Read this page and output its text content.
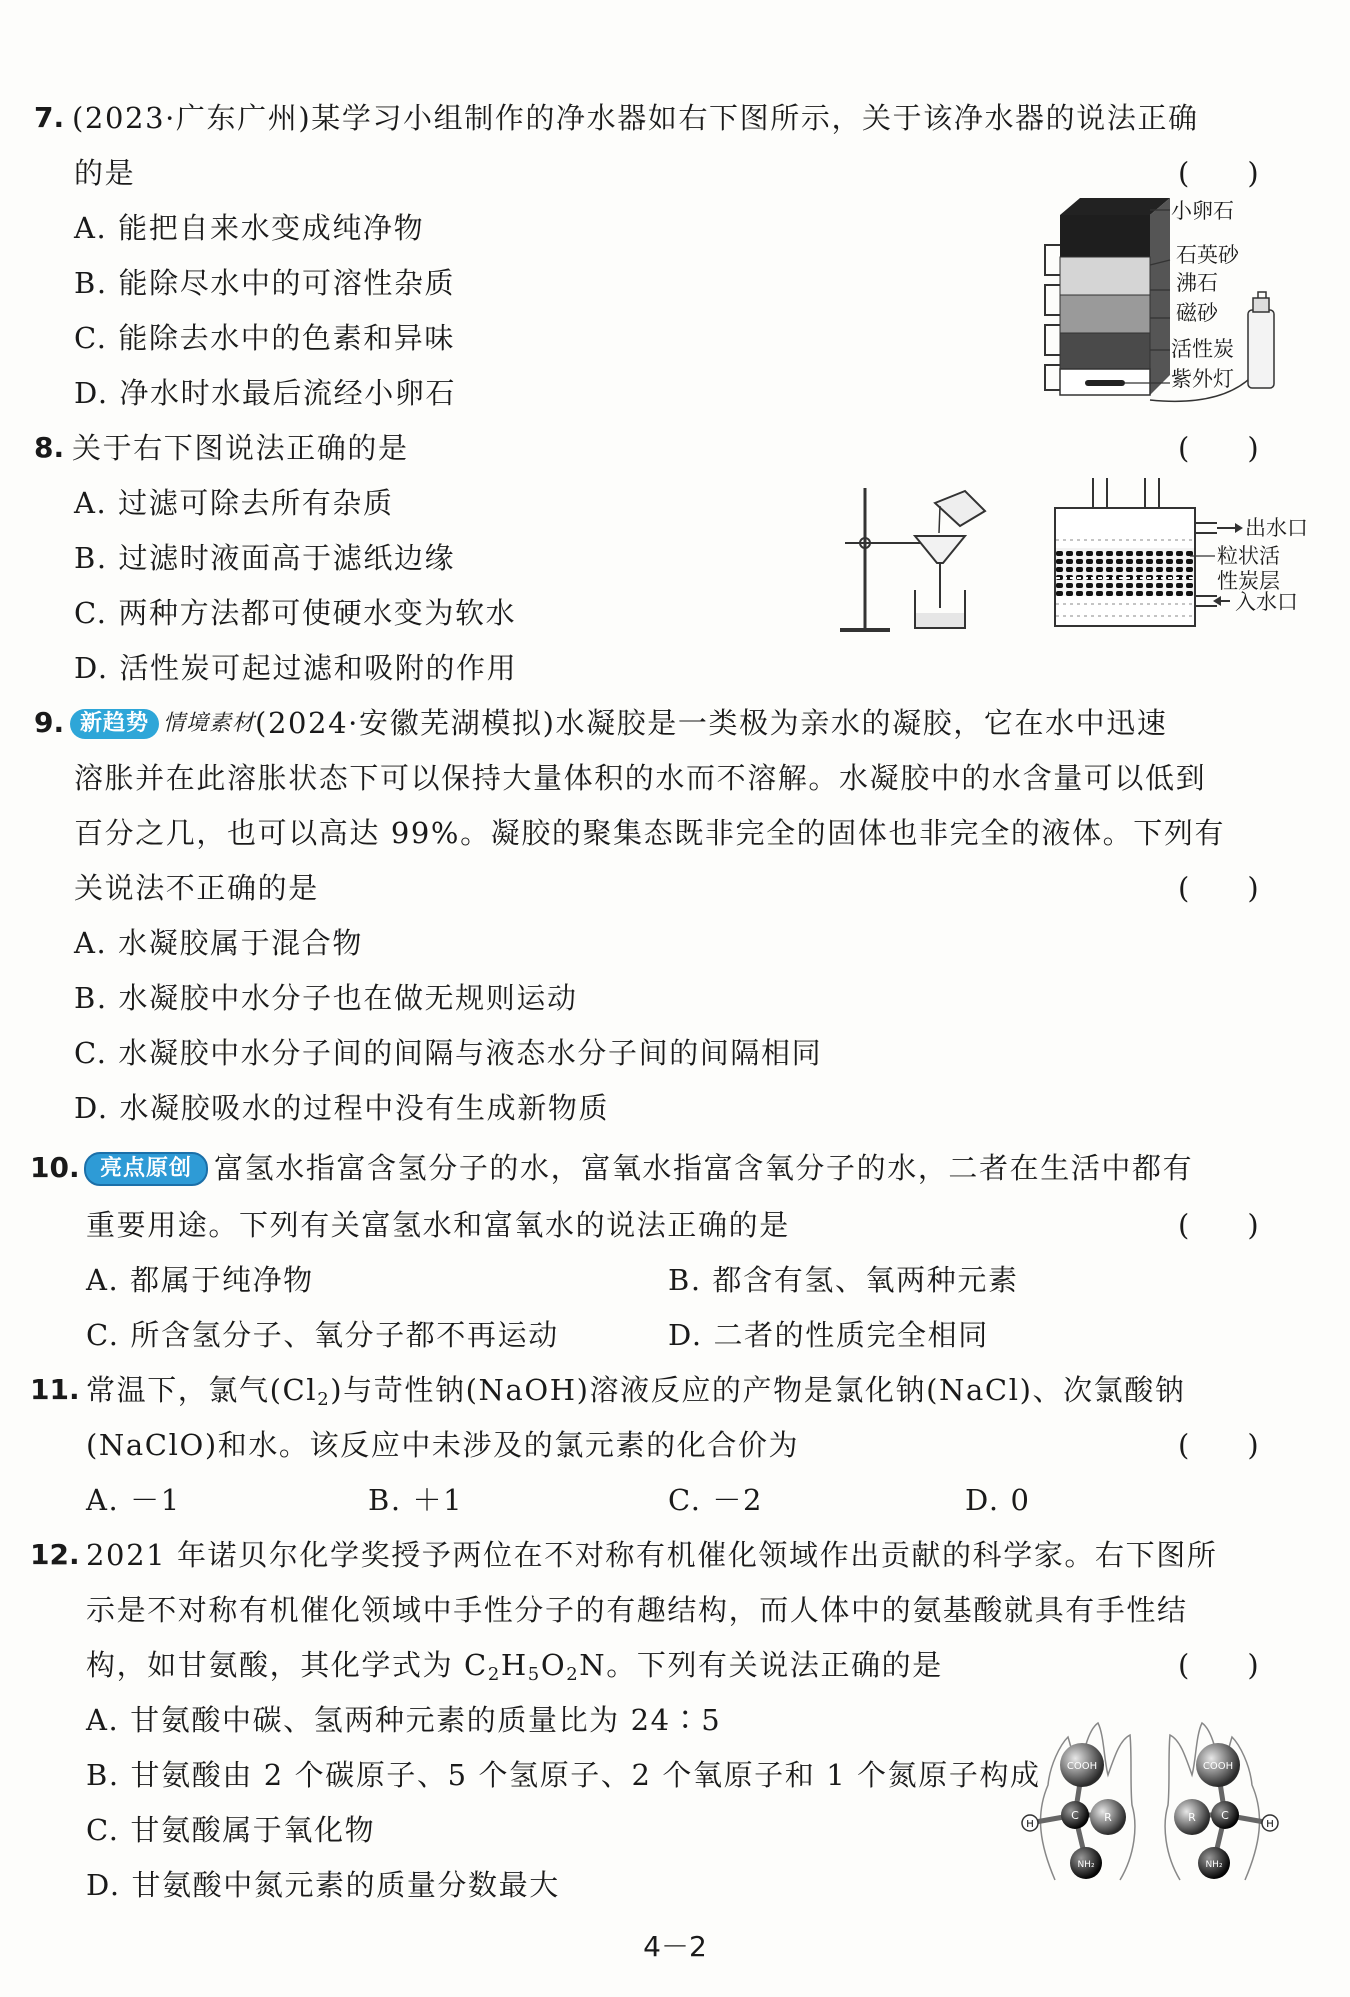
7. (2023·广东广州)某学习小组制作的净水器如右下图所示，关于该净水器的说法正确
的是	(　　)
A. 能把自来水变成纯净物
B. 能除尽水中的可溶性杂质
C. 能除去水中的色素和异味
D. 净水时水最后流经小卵石
小卵石
石英砂
沸石
磁砂
活性炭
紫外灯
8. 关于右下图说法正确的是	(　　)
A. 过滤可除去所有杂质
B. 过滤时液面高于滤纸边缘
C. 两种方法都可使硬水变为软水
D. 活性炭可起过滤和吸附的作用
出水口
粒状活
性炭层
入水口
9. 新趋势 情境素材(2024·安徽芜湖模拟)水凝胶是一类极为亲水的凝胶，它在水中迅速
溶胀并在此溶胀状态下可以保持大量体积的水而不溶解。水凝胶中的水含量可以低到
百分之几，也可以高达 99%。凝胶的聚集态既非完全的固体也非完全的液体。下列有
关说法不正确的是	(　　)
A. 水凝胶属于混合物
B. 水凝胶中水分子也在做无规则运动
C. 水凝胶中水分子间的间隔与液态水分子间的间隔相同
D. 水凝胶吸水的过程中没有生成新物质
10. 亮点原创 富氢水指富含氢分子的水，富氧水指富含氧分子的水，二者在生活中都有
重要用途。下列有关富氢水和富氧水的说法正确的是	(　　)
A. 都属于纯净物	B. 都含有氢、氧两种元素
C. 所含氢分子、氧分子都不再运动	D. 二者的性质完全相同
11. 常温下，氯气$(Cl_2)$与苛性钠(NaOH)溶液反应的产物是氯化钠(NaCl)、次氯酸钠
(NaClO)和水。该反应中未涉及的氯元素的化合价为	(　　)
A. －1	B. ＋1	C. －2	D. 0
12. 2021 年诺贝尔化学奖授予两位在不对称有机催化领域作出贡献的科学家。右下图所
示是不对称有机催化领域中手性分子的有趣结构，而人体中的氨基酸就具有手性结
构，如甘氨酸，其化学式为 $C_2H_5O_2N$。下列有关说法正确的是	(　　)
A. 甘氨酸中碳、氢两种元素的质量比为 24∶5
B. 甘氨酸由 2 个碳原子、5 个氢原子、2 个氧原子和 1 个氮原子构成
C. 甘氨酸属于氧化物
D. 甘氨酸中氮元素的质量分数最大
COOH
C R
H
NH₂
COOH
C
R
H
NH₂
4－2
